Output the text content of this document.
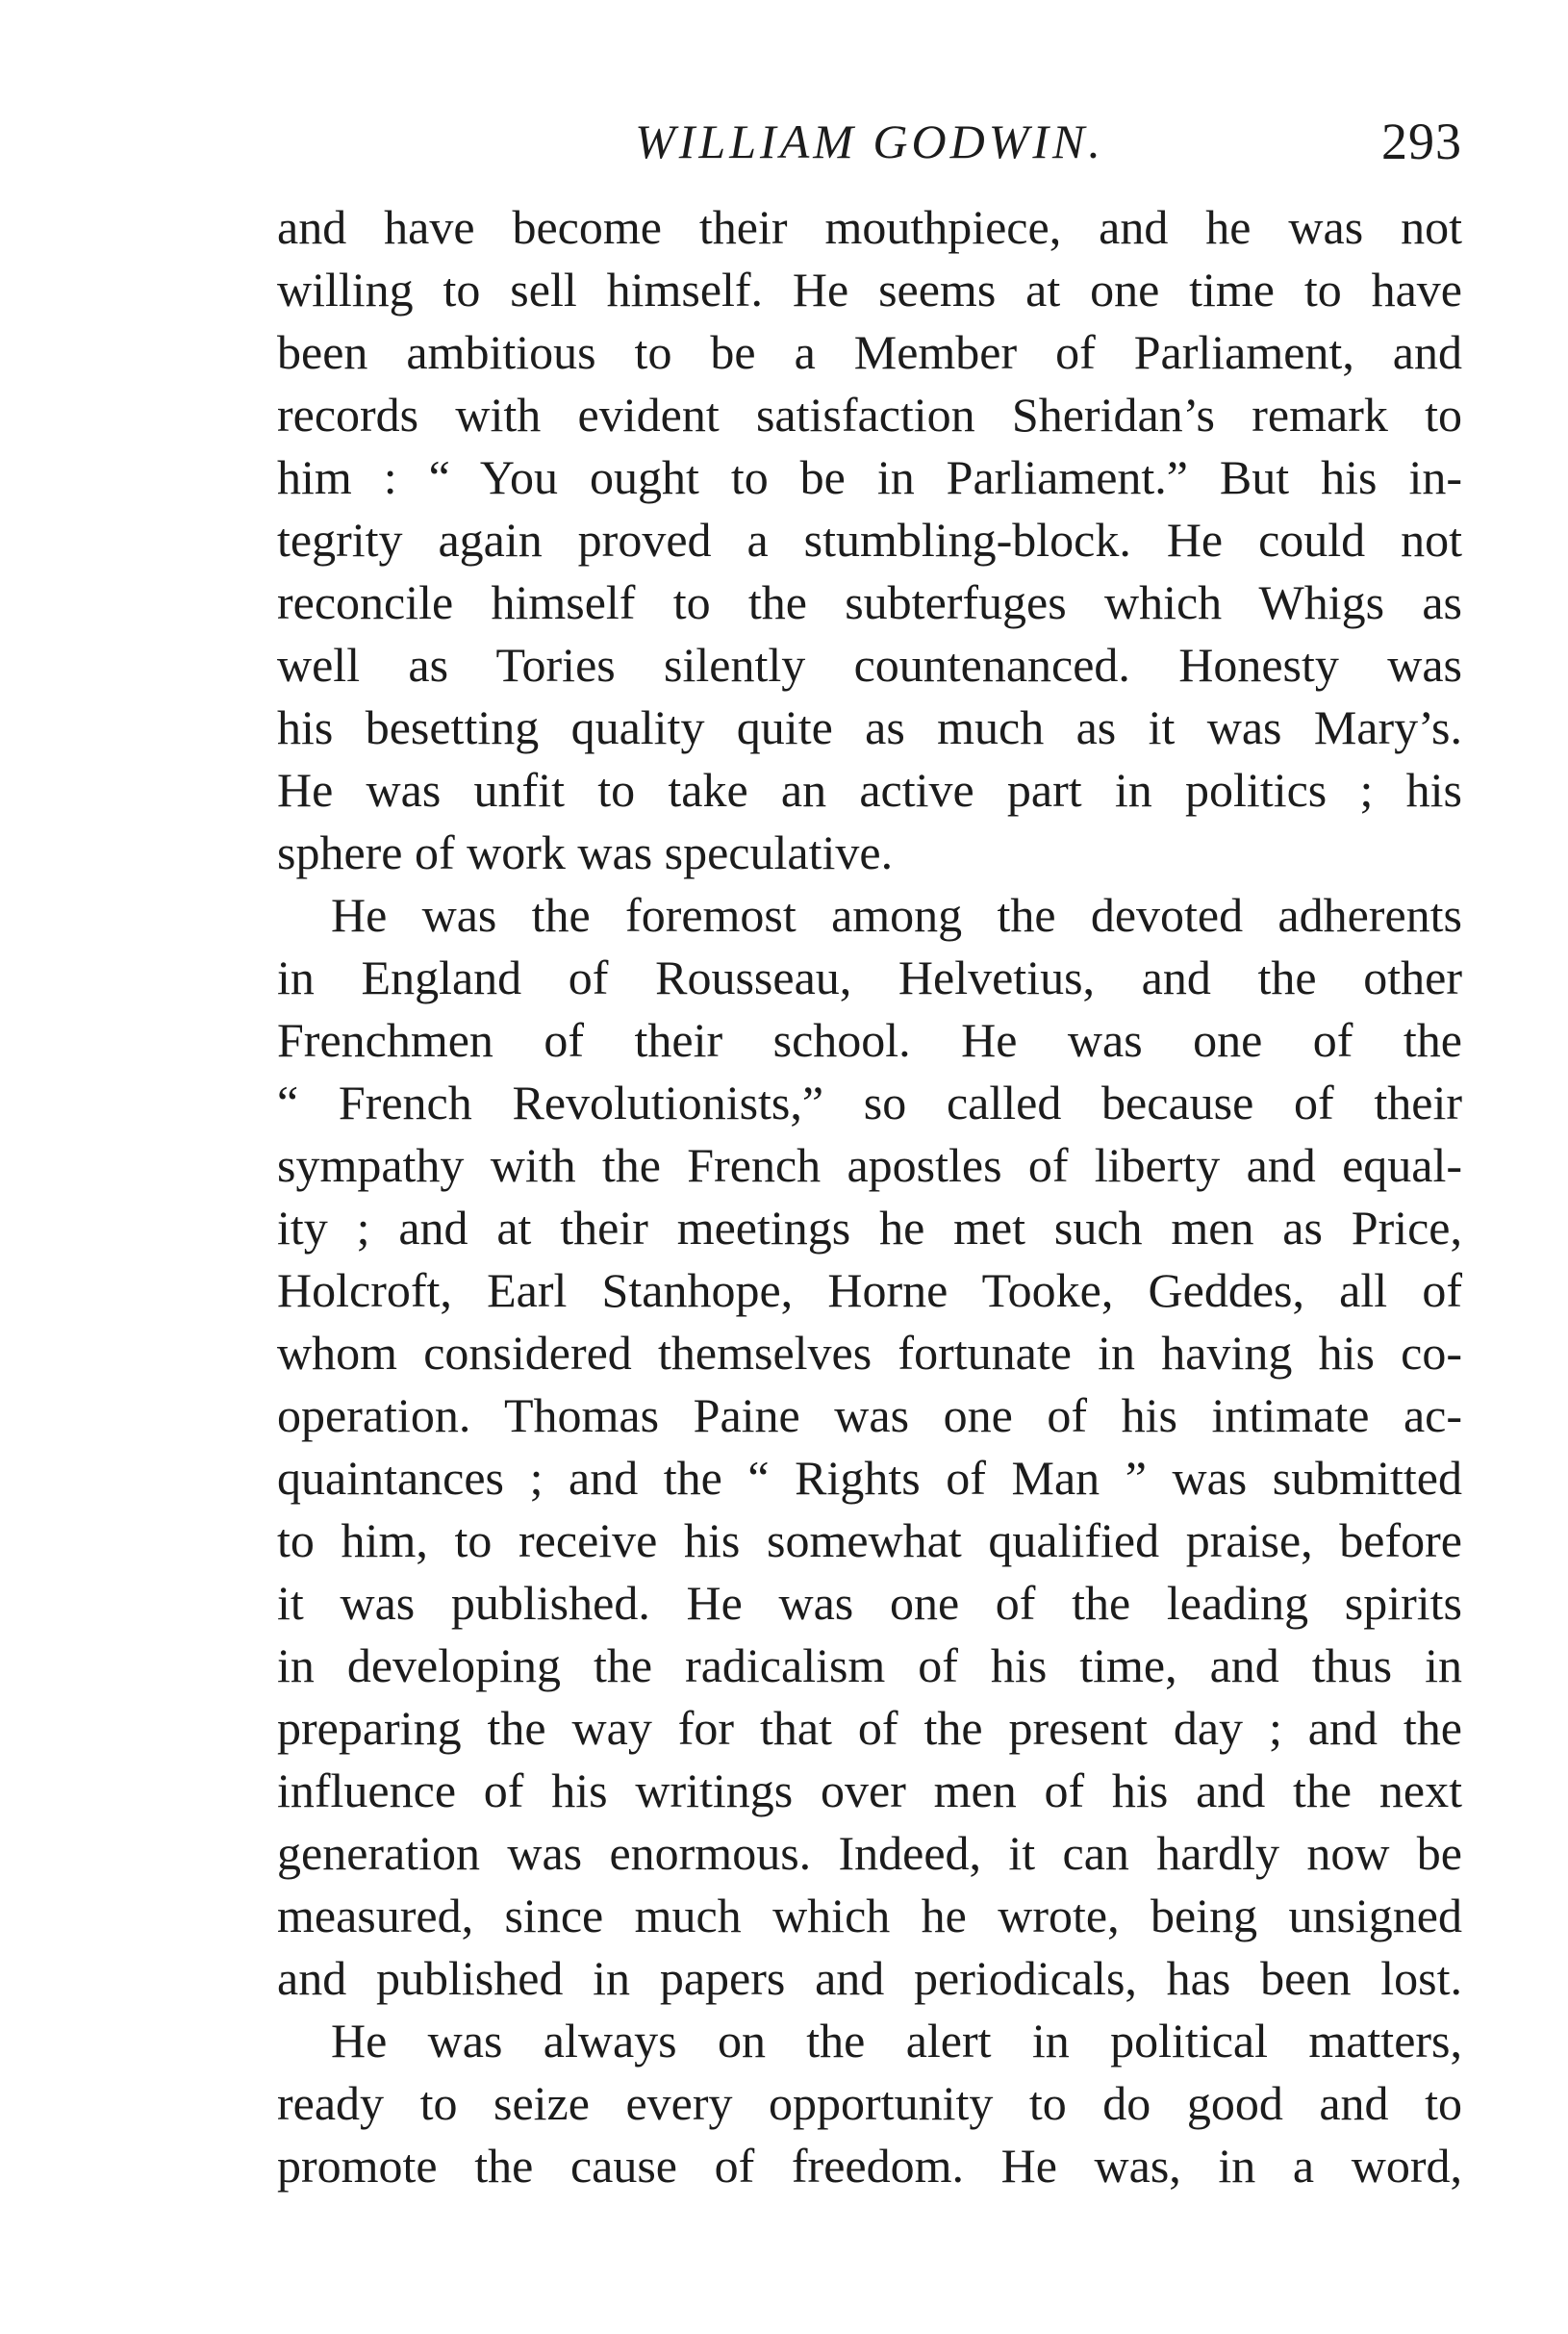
WILLIAM GODWIN.	293
and have become their mouthpiece, and he was not
willing to sell himself. He seems at one time to have
been ambitious to be a Member of Parliament, and
records with evident satisfaction Sheridan’s remark to
him : “ You ought to be in Parliament.” But his in-
tegrity again proved a stumbling-block. He could not
reconcile himself to the subterfuges which Whigs as
well as Tories silently countenanced. Honesty was
his besetting quality quite as much as it was Mary’s.
He was unfit to take an active part in politics ; his
sphere of work was speculative.
He was the foremost among the devoted adherents
in England of Rousseau, Helvetius, and the other
Frenchmen of their school. He was one of the
“ French Revolutionists,” so called because of their
sympathy with the French apostles of liberty and equal-
ity ; and at their meetings he met such men as Price,
Holcroft, Earl Stanhope, Horne Tooke, Geddes, all of
whom considered themselves fortunate in having his co-
operation. Thomas Paine was one of his intimate ac-
quaintances ; and the “ Rights of Man ” was submitted
to him, to receive his somewhat qualified praise, before
it was published. He was one of the leading spirits
in developing the radicalism of his time, and thus in
preparing the way for that of the present day ; and the
influence of his writings over men of his and the next
generation was enormous. Indeed, it can hardly now be
measured, since much which he wrote, being unsigned
and published in papers and periodicals, has been lost.
He was always on the alert in political matters,
ready to seize every opportunity to do good and to
promote the cause of freedom. He was, in a word,
